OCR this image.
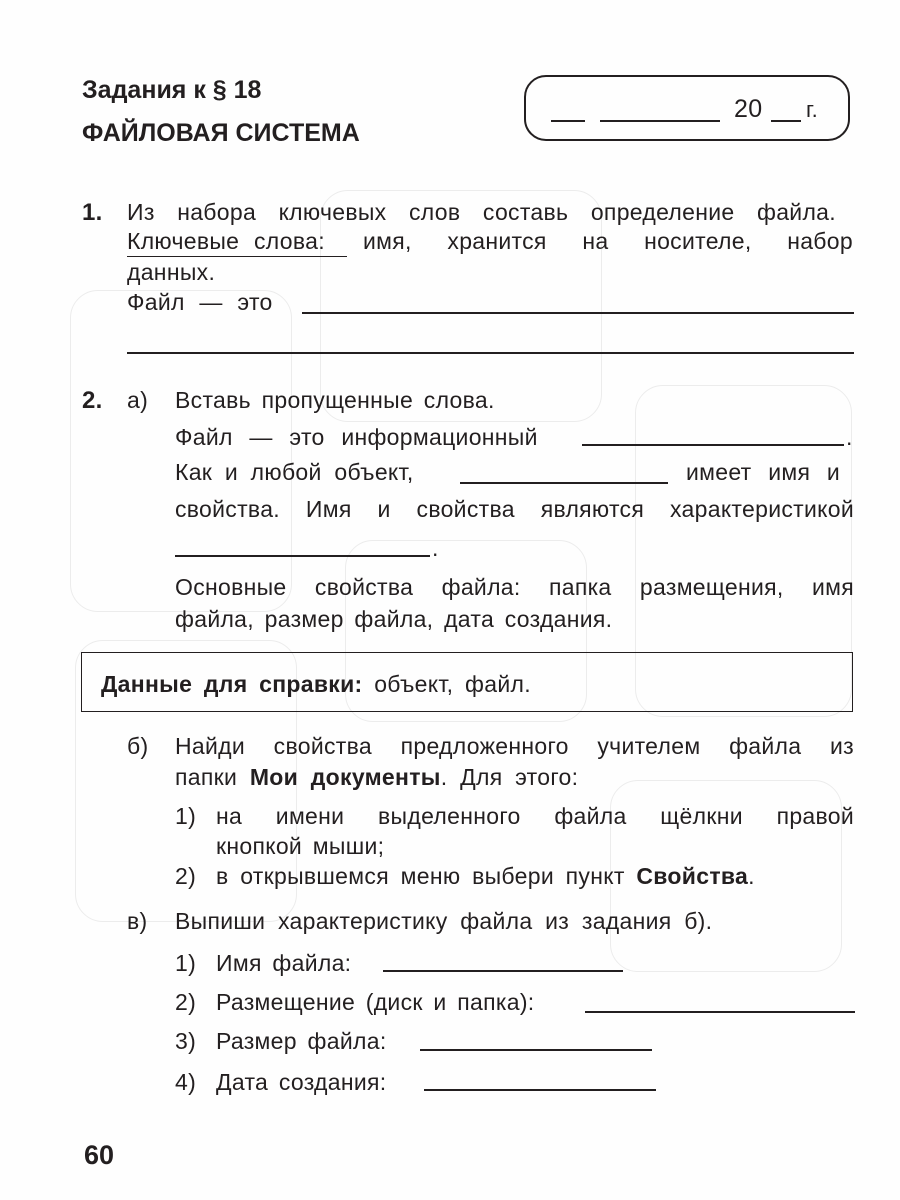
Задания к § 18
ФАЙЛОВАЯ СИСТЕМА
20 г.
1. Из набора ключевых слов составь определение файла.
Ключевые слова: имя, хранится на носителе, набор
данных.
Файл — это
2. а) Вставь пропущенные слова.
Файл — это информационный	.
Как и любой объект,	имеет имя и
свойства. Имя и свойства являются характеристикой
.
Основные свойства файла: папка размещения, имя
файла, размер файла, дата создания.
Данные для справки: объект, файл.
б) Найди свойства предложенного учителем файла из
папки Мои документы. Для этого:
1) на имени выделенного файла щёлкни правой
кнопкой мыши;
2) в открывшемся меню выбери пункт Свойства.
в) Выпиши характеристику файла из задания б).
1) Имя файла:
2) Размещение (диск и папка):
3) Размер файла:
4) Дата создания:
60
